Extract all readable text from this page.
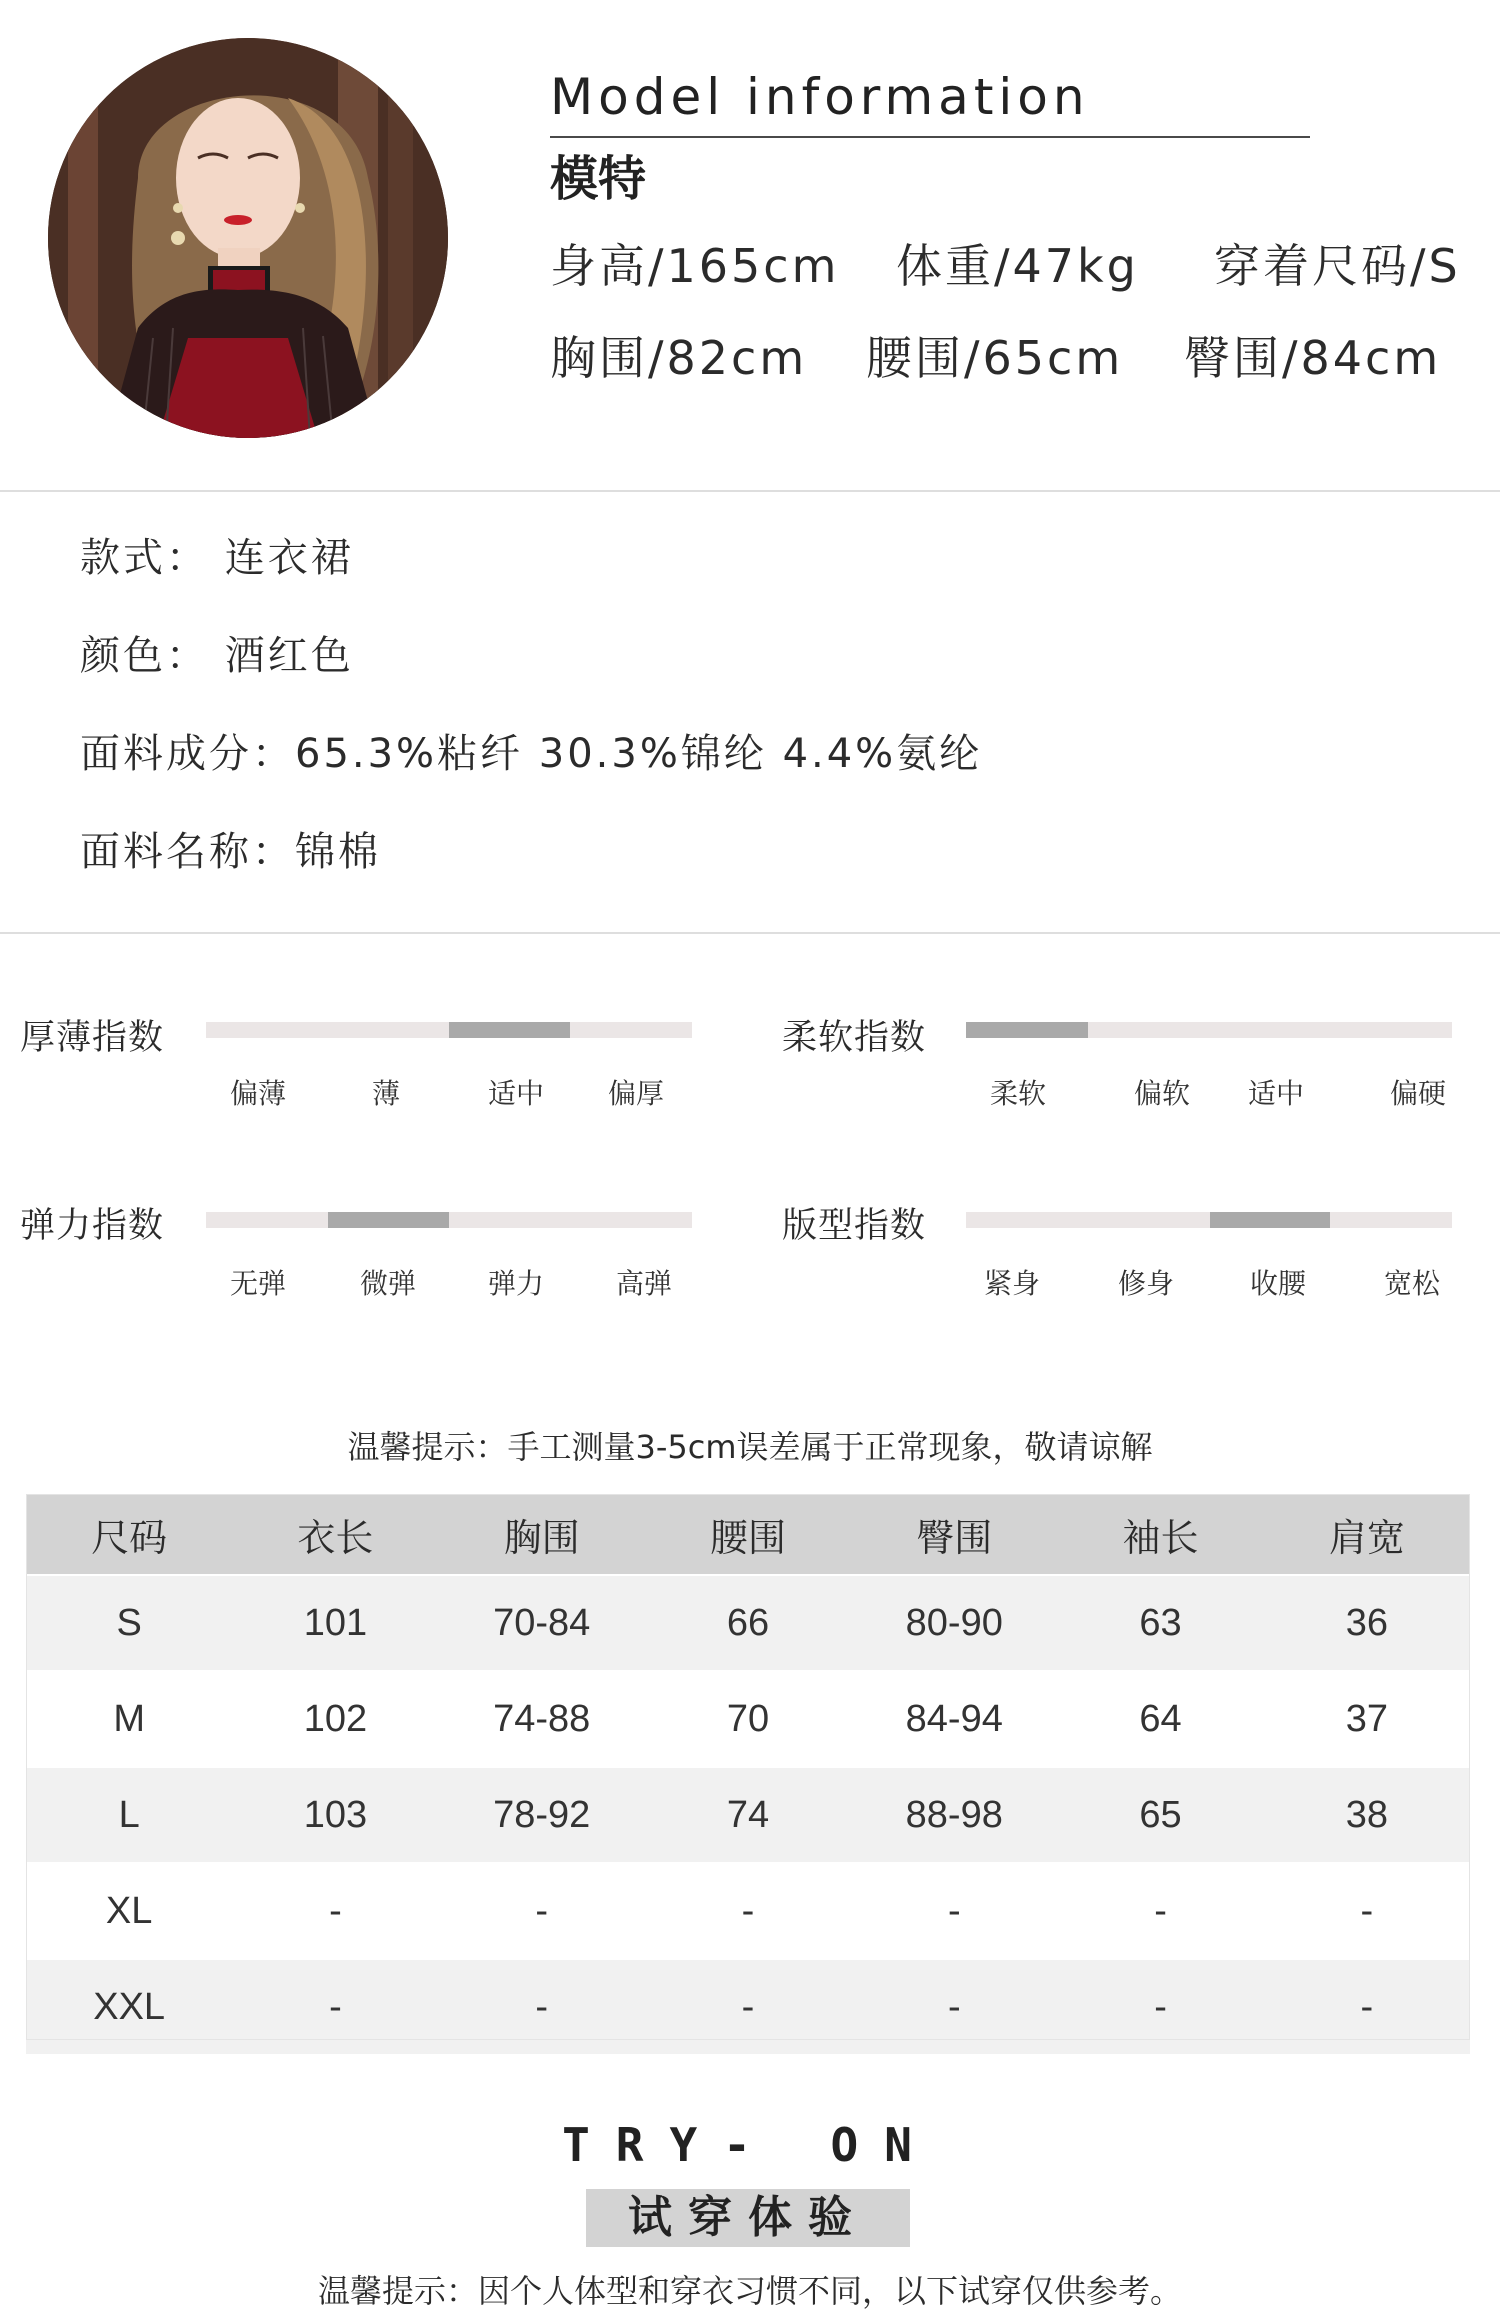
Model information
模特
身高/165cm 体重/47kg 穿着尺码/S
胸围/82cm 腰围/65cm 臀围/84cm
款式： 连衣裙
颜色： 酒红色
面料成分：65.3%粘纤 30.3%锦纶 4.4%氨纶
面料名称：锦棉
厚薄指数
偏薄	薄	适中 偏厚
柔软指数
柔软	偏软 适中	偏硬
弹力指数
无弹	微弹	弹力	高弹
版型指数
紧身	修身	收腰	宽松
温馨提示：手工测量3-5cm误差属于正常现象，敬请谅解
尺码	衣长	胸围	腰围	臀围	袖长	肩宽
S	101	70-84	66	80-90	63	36
M	102	74-88	70	84-94	64	37
L	103	78-92	74	88-98	65	38
XL	-	-	-	-	-	-
XXL	-	-	-	-	-	-
TRY- ON
试穿体验
温馨提示：因个人体型和穿衣习惯不同，以下试穿仅供参考。
